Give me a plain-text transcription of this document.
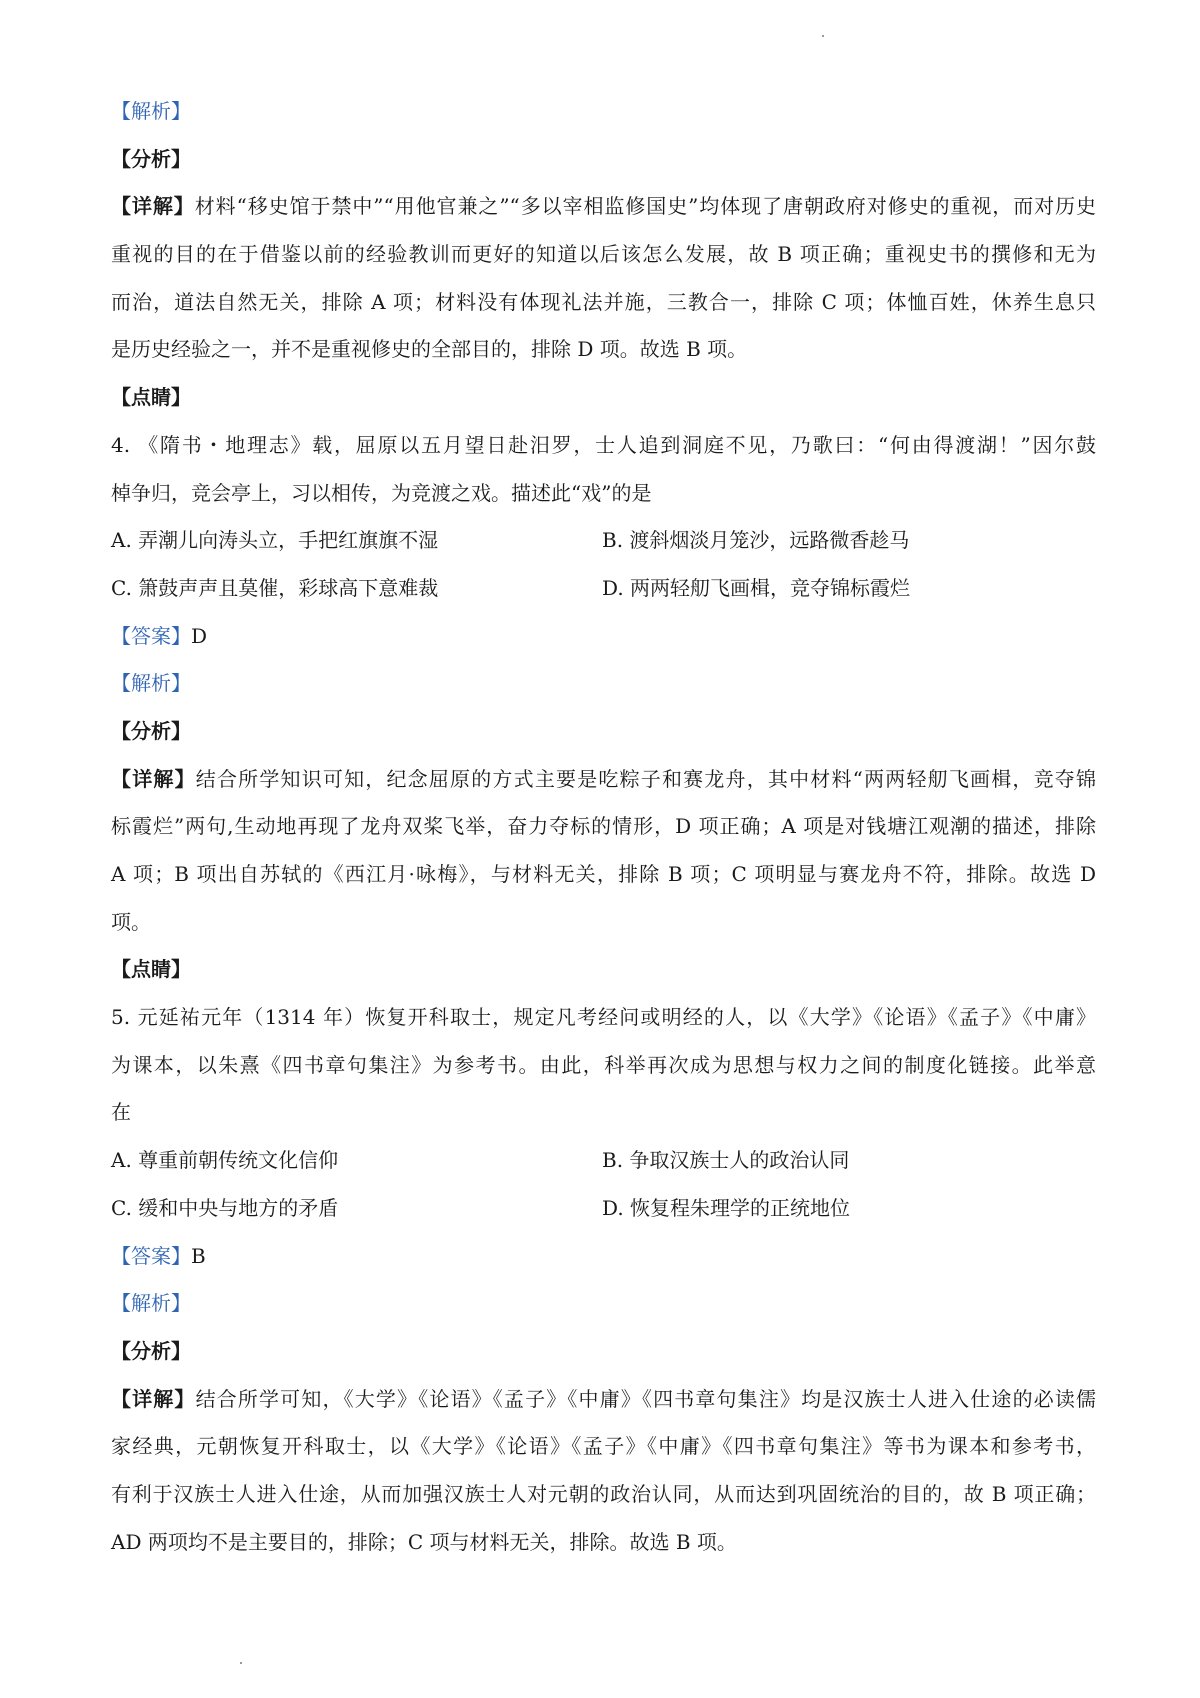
【解析】
【分析】
【详解】材料“移史馆于禁中”“用他官兼之”“多以宰相监修国史”均体现了唐朝政府对修史的重视，而对历史
重视的目的在于借鉴以前的经验教训而更好的知道以后该怎么发展，故 B 项正确；重视史书的撰修和无为
而治，道法自然无关，排除 A 项；材料没有体现礼法并施，三教合一，排除 C 项；体恤百姓，休养生息只
是历史经验之一，并不是重视修史的全部目的，排除 D 项。故选 B 项。
【点睛】
4. 《隋书・地理志》载，屈原以五月望日赴汨罗，士人追到洞庭不见，乃歌曰：“何由得渡湖！”因尔鼓
棹争归，竞会亭上，习以相传，为竞渡之戏。描述此“戏”的是
A. 弄潮儿向涛头立，手把红旗旗不湿	B. 渡斜烟淡月笼沙，远路微香趁马
C. 箫鼓声声且莫催，彩球高下意难裁	D. 两两轻舠飞画楫，竞夺锦标霞烂
【答案】D
【解析】
【分析】
【详解】结合所学知识可知，纪念屈原的方式主要是吃粽子和赛龙舟，其中材料“两两轻舠飞画楫，竞夺锦
标霞烂”两句,生动地再现了龙舟双桨飞举，奋力夺标的情形，D 项正确；A 项是对钱塘江观潮的描述，排除
A 项；B 项出自苏轼的《西江月·咏梅》，与材料无关，排除 B 项；C 项明显与赛龙舟不符，排除。故选 D
项。
【点睛】
5. 元延祐元年（1314 年）恢复开科取士，规定凡考经问或明经的人，以《大学》《论语》《孟子》《中庸》
为课本，以朱熹《四书章句集注》为参考书。由此，科举再次成为思想与权力之间的制度化链接。此举意
在
A. 尊重前朝传统文化信仰	B. 争取汉族士人的政治认同
C. 缓和中央与地方的矛盾	D. 恢复程朱理学的正统地位
【答案】B
【解析】
【分析】
【详解】结合所学可知，《大学》《论语》《孟子》《中庸》《四书章句集注》均是汉族士人进入仕途的必读儒
家经典，元朝恢复开科取士，以《大学》《论语》《孟子》《中庸》《四书章句集注》等书为课本和参考书，
有利于汉族士人进入仕途，从而加强汉族士人对元朝的政治认同，从而达到巩固统治的目的，故 B 项正确；
AD 两项均不是主要目的，排除；C 项与材料无关，排除。故选 B 项。
